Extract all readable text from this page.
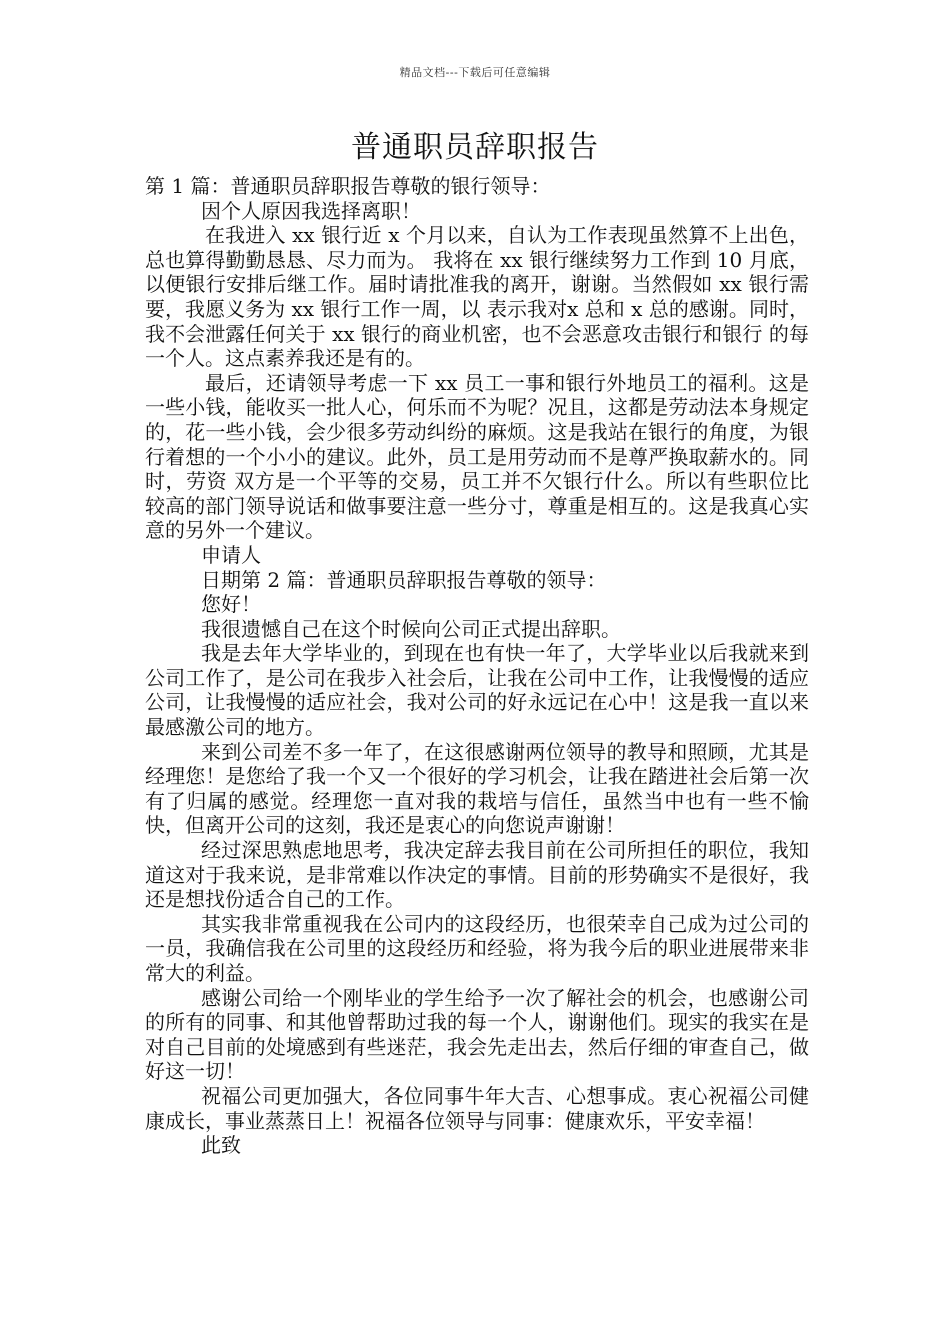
精品文档---下载后可任意编辑
普通职员辞职报告

第 1 篇：普通职员辞职报告尊敬的银行领导：

因个人原因我选择离职！

在我进入 xx 银行近 x 个月以来，自认为工作表现虽然算不上出色，总也算得勤勤恳恳、尽力而为。 我将在 xx 银行继续努力工作到 10 月底，以便银行安排后继工作。届时请批准我的离开，谢谢。当然假如 xx 银行需要，我愿义务为 xx 银行工作一周，以 表示我对x 总和 x 总的感谢。同时，我不会泄露任何关于 xx 银行的商业机密，也不会恶意攻击银行和银行 的每一个人。这点素养我还是有的。

最后，还请领导考虑一下 xx 员工一事和银行外地员工的福利。这是一些小钱，能收买一批人心，何乐而不为呢？况且，这都是劳动法本身规定 的，花一些小钱，会少很多劳动纠纷的麻烦。这是我站在银行的角度，为银行着想的一个小小的建议。此外，员工是用劳动而不是尊严换取薪水的。同时，劳资 双方是一个平等的交易，员工并不欠银行什么。所以有些职位比较高的部门领导说话和做事要注意一些分寸，尊重是相互的。这是我真心实意的另外一个建议。

申请人

日期第 2 篇：普通职员辞职报告尊敬的领导：

您好！

我很遗憾自己在这个时候向公司正式提出辞职。

我是去年大学毕业的，到现在也有快一年了，大学毕业以后我就来到公司工作了，是公司在我步入社会后，让我在公司中工作，让我慢慢的适应公司，让我慢慢的适应社会，我对公司的好永远记在心中！这是我一直以来最感激公司的地方。

来到公司差不多一年了，在这很感谢两位领导的教导和照顾，尤其是经理您！是您给了我一个又一个很好的学习机会，让我在踏进社会后第一次有了归属的感觉。经理您一直对我的栽培与信任，虽然当中也有一些不愉快，但离开公司的这刻，我还是衷心的向您说声谢谢！

经过深思熟虑地思考，我决定辞去我目前在公司所担任的职位，我知道这对于我来说，是非常难以作决定的事情。目前的形势确实不是很好，我还是想找份适合自己的工作。

其实我非常重视我在公司内的这段经历，也很荣幸自己成为过公司的一员，我确信我在公司里的这段经历和经验，将为我今后的职业进展带来非常大的利益。

感谢公司给一个刚毕业的学生给予一次了解社会的机会，也感谢公司的所有的同事、和其他曾帮助过我的每一个人，谢谢他们。现实的我实在是对自己目前的处境感到有些迷茫，我会先走出去，然后仔细的审查自己，做好这一切！

祝福公司更加强大，各位同事牛年大吉、心想事成。衷心祝福公司健康成长，事业蒸蒸日上！祝福各位领导与同事：健康欢乐，平安幸福！

此致
